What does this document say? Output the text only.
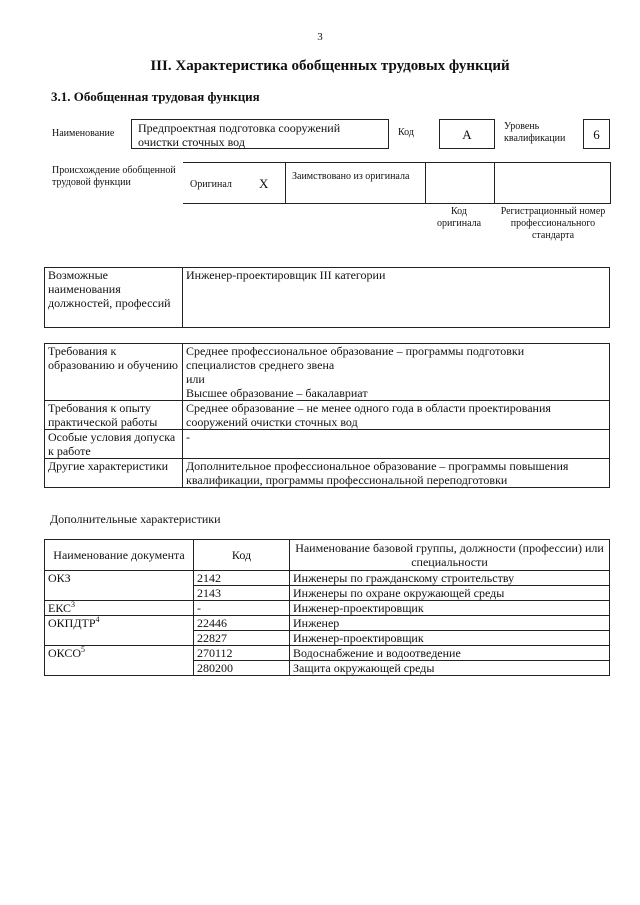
3
III. Характеристика обобщенных трудовых функций
3.1. Обобщенная трудовая функция
Наименование	Предпроектная подготовка сооружений очистки сточных вод
Код	A
Уровень квалификации	6
Происхождение обобщенной трудовой функции	Оригинал X Заимствовано из оригинала
Код оригинала
Регистрационный номер профессионального стандарта
Возможные наименования должностей, профессий	Инженер-проектировщик III категории
Требования к образованию и обучению	Среднее профессиональное образование – программы подготовки
специалистов среднего звена
или
Высшее образование – бакалавриат

Требования к опыту практической работы	Среднее образование – не менее одного года в области проектирования
сооружений очистки сточных вод

Особые условия допуска к работе	-

Другие характеристики	Дополнительное профессиональное образование – программы повышения
квалификации, программы профессиональной переподготовки
Дополнительные характеристики
Наименование документа	Код	Наименование базовой группы, должности (профессии) или специальности
ОКЗ	2142	Инженеры по гражданскому строительству
	2143	Инженеры по охране окружающей среды
ЕКС$^3$	-	Инженер-проектировщик
ОКПДТР$^4$	22446	Инженер
	22827	Инженер-проектировщик
ОКСО$^5$	270112	Водоснабжение и водоотведение
	280200	Защита окружающей среды
